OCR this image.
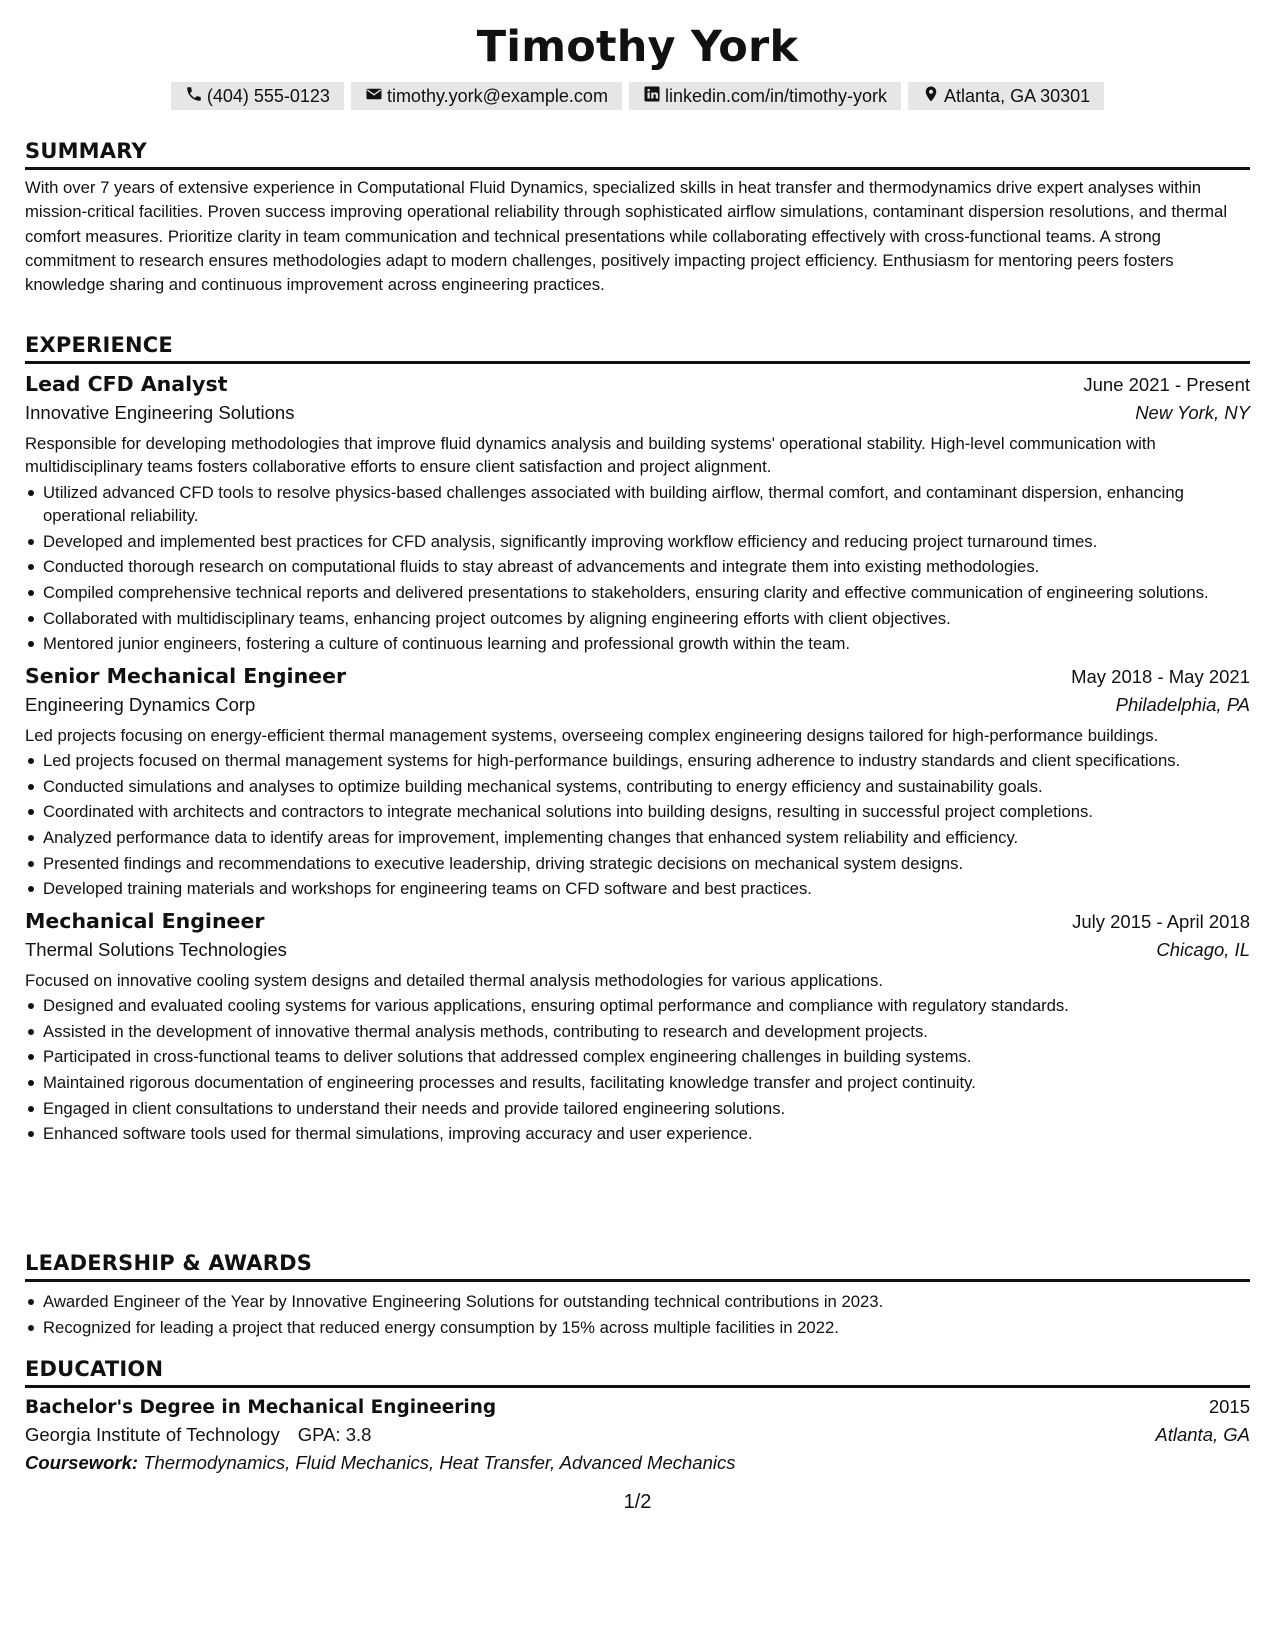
Timothy York
(404) 555-0123	timothy.york@example.com	linkedin.com/in/timothy-york	Atlanta, GA 30301
SUMMARY
With over 7 years of extensive experience in Computational Fluid Dynamics, specialized skills in heat transfer and thermodynamics drive expert analyses within mission-critical facilities. Proven success improving operational reliability through sophisticated airflow simulations, contaminant dispersion resolutions, and thermal comfort measures. Prioritize clarity in team communication and technical presentations while collaborating effectively with cross-functional teams. A strong commitment to research ensures methodologies adapt to modern challenges, positively impacting project efficiency. Enthusiasm for mentoring peers fosters knowledge sharing and continuous improvement across engineering practices.
EXPERIENCE
Lead CFD Analyst	June 2021 - Present
Innovative Engineering Solutions	New York, NY
Responsible for developing methodologies that improve fluid dynamics analysis and building systems' operational stability. High-level communication with multidisciplinary teams fosters collaborative efforts to ensure client satisfaction and project alignment.
Utilized advanced CFD tools to resolve physics-based challenges associated with building airflow, thermal comfort, and contaminant dispersion, enhancing operational reliability.
Developed and implemented best practices for CFD analysis, significantly improving workflow efficiency and reducing project turnaround times.
Conducted thorough research on computational fluids to stay abreast of advancements and integrate them into existing methodologies.
Compiled comprehensive technical reports and delivered presentations to stakeholders, ensuring clarity and effective communication of engineering solutions.
Collaborated with multidisciplinary teams, enhancing project outcomes by aligning engineering efforts with client objectives.
Mentored junior engineers, fostering a culture of continuous learning and professional growth within the team.
Senior Mechanical Engineer	May 2018 - May 2021
Engineering Dynamics Corp	Philadelphia, PA
Led projects focusing on energy-efficient thermal management systems, overseeing complex engineering designs tailored for high-performance buildings.
Led projects focused on thermal management systems for high-performance buildings, ensuring adherence to industry standards and client specifications.
Conducted simulations and analyses to optimize building mechanical systems, contributing to energy efficiency and sustainability goals.
Coordinated with architects and contractors to integrate mechanical solutions into building designs, resulting in successful project completions.
Analyzed performance data to identify areas for improvement, implementing changes that enhanced system reliability and efficiency.
Presented findings and recommendations to executive leadership, driving strategic decisions on mechanical system designs.
Developed training materials and workshops for engineering teams on CFD software and best practices.
Mechanical Engineer	July 2015 - April 2018
Thermal Solutions Technologies	Chicago, IL
Focused on innovative cooling system designs and detailed thermal analysis methodologies for various applications.
Designed and evaluated cooling systems for various applications, ensuring optimal performance and compliance with regulatory standards.
Assisted in the development of innovative thermal analysis methods, contributing to research and development projects.
Participated in cross-functional teams to deliver solutions that addressed complex engineering challenges in building systems.
Maintained rigorous documentation of engineering processes and results, facilitating knowledge transfer and project continuity.
Engaged in client consultations to understand their needs and provide tailored engineering solutions.
Enhanced software tools used for thermal simulations, improving accuracy and user experience.
LEADERSHIP & AWARDS
Awarded Engineer of the Year by Innovative Engineering Solutions for outstanding technical contributions in 2023.
Recognized for leading a project that reduced energy consumption by 15% across multiple facilities in 2022.
EDUCATION
Bachelor's Degree in Mechanical Engineering	2015
Georgia Institute of Technology GPA: 3.8	Atlanta, GA
Coursework: Thermodynamics, Fluid Mechanics, Heat Transfer, Advanced Mechanics
1/2
